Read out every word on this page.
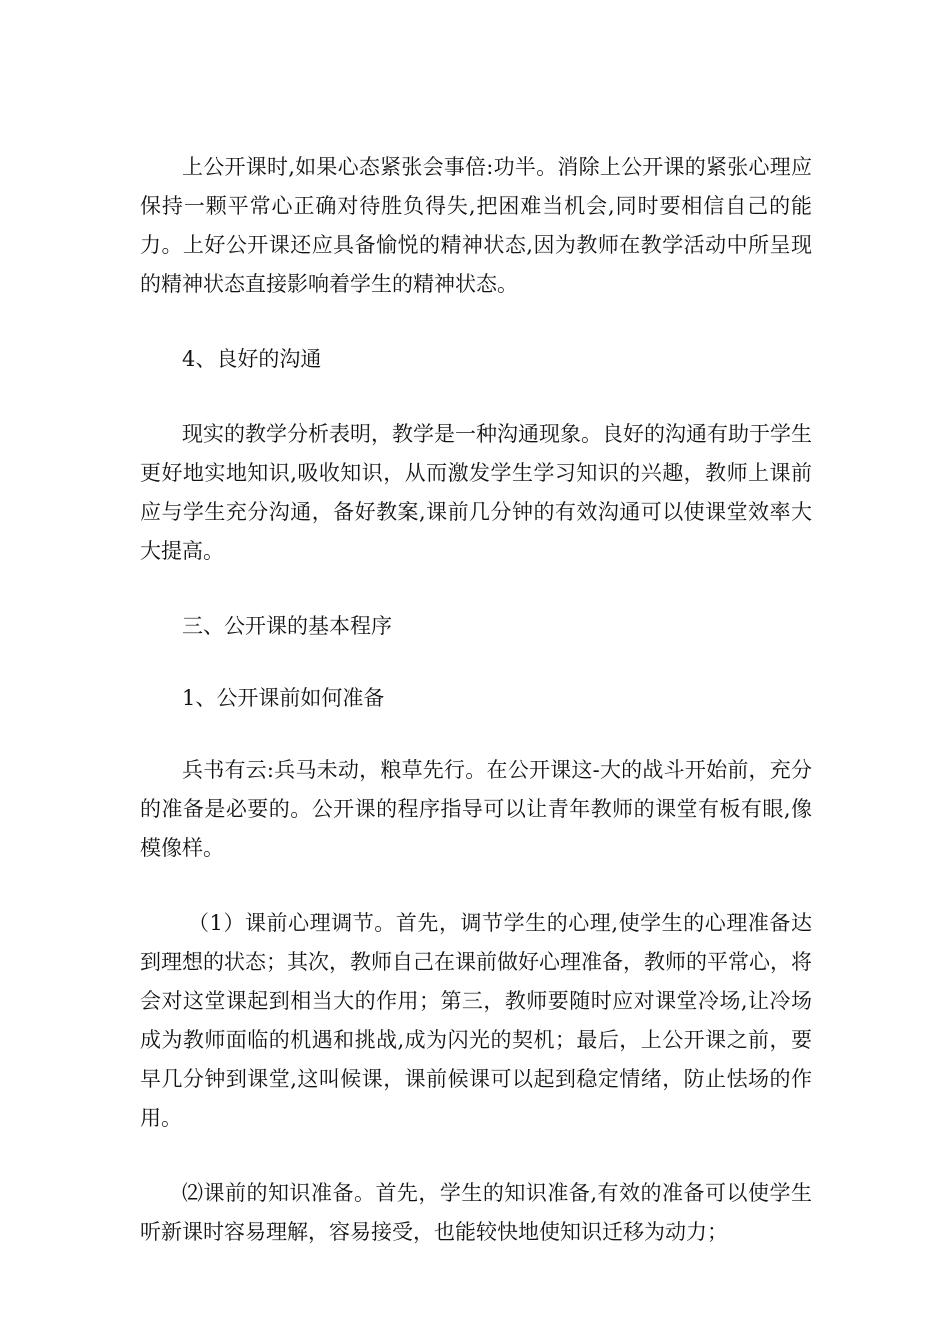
上公开课时,如果心态紧张会事倍:功半。消除上公开课的紧张心理应保持一颗平常心正确对待胜负得失,把困难当机会,同时要相信自己的能力。上好公开课还应具备愉悦的精神状态,因为教师在教学活动中所呈现的精神状态直接影响着学生的精神状态。

4、良好的沟通

现实的教学分析表明，教学是一种沟通现象。良好的沟通有助于学生更好地实地知识,吸收知识，从而激发学生学习知识的兴趣，教师上课前应与学生充分沟通，备好教案,课前几分钟的有效沟通可以使课堂效率大大提高。

三、公开课的基本程序

1、公开课前如何准备

兵书有云:兵马未动，粮草先行。在公开课这-大的战斗开始前，充分的准备是必要的。公开课的程序指导可以让青年教师的课堂有板有眼,像模像样。

（1）课前心理调节。首先，调节学生的心理,使学生的心理准备达到理想的状态；其次，教师自己在课前做好心理准备，教师的平常心，将会对这堂课起到相当大的作用；第三，教师要随时应对课堂冷场,让冷场成为教师面临的机遇和挑战,成为闪光的契机；最后，上公开课之前，要早几分钟到课堂,这叫候课，课前候课可以起到稳定情绪，防止怯场的作用。

⑵课前的知识准备。首先，学生的知识准备,有效的准备可以使学生听新课时容易理解，容易接受，也能较快地使知识迁移为动力；
